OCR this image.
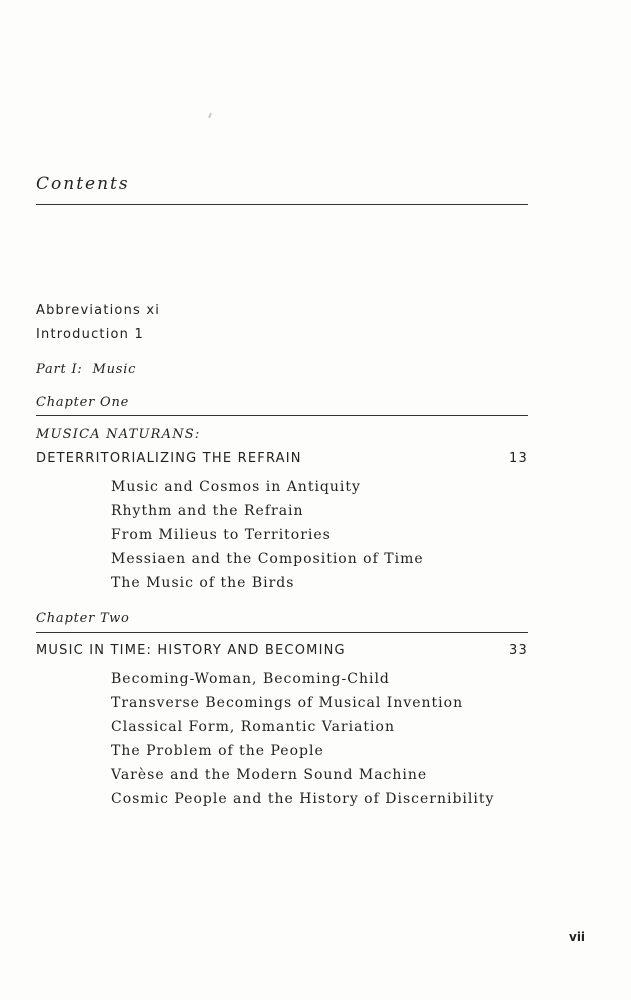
Contents
Abbreviations xi
Introduction 1
Part I:  Music
Chapter One
MUSICA NATURANS:
DETERRITORIALIZING THE REFRAIN	13
Music and Cosmos in Antiquity
Rhythm and the Refrain
From Milieus to Territories
Messiaen and the Composition of Time
The Music of the Birds
Chapter Two
MUSIC IN TIME: HISTORY AND BECOMING	33
Becoming-Woman, Becoming-Child
Transverse Becomings of Musical Invention
Classical Form, Romantic Variation
The Problem of the People
Varèse and the Modern Sound Machine
Cosmic People and the History of Discernibility
vii
